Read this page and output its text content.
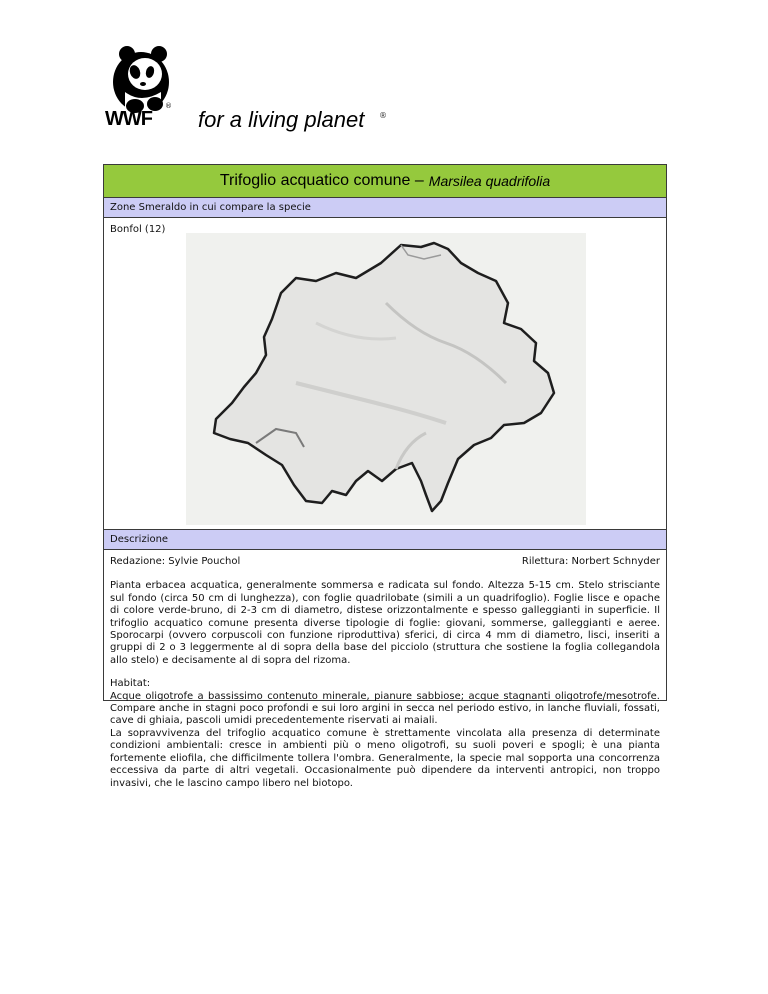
WWF
®
for a living planet ®
Trifoglio acquatico comune – Marsilea quadrifolia
Zone Smeraldo in cui compare la specie
Bonfol (12)
Descrizione
Redazione: Sylvie Pouchol	Rilettura: Norbert Schnyder

Pianta erbacea acquatica, generalmente sommersa e radicata sul fondo. Altezza 5-15 cm. Stelo strisciante sul fondo (circa 50 cm di lunghezza), con foglie quadrilobate (simili a un quadrifoglio). Foglie lisce e opache di colore verde-bruno, di 2-3 cm di diametro, distese orizzontalmente e spesso galleggianti in superficie. Il trifoglio acquatico comune presenta diverse tipologie di foglie: giovani, sommerse, galleggianti e aeree. Sporocarpi (ovvero corpuscoli con funzione riproduttiva) sferici, di circa 4 mm di diametro, lisci, inseriti a gruppi di 2 o 3 leggermente al di sopra della base del picciolo (struttura che sostiene la foglia collegandola allo stelo) e decisamente al di sopra del rizoma.

Habitat:

Acque oligotrofe a bassissimo contenuto minerale, pianure sabbiose; acque stagnanti oligotrofe/mesotrofe. Compare anche in stagni poco profondi e sui loro argini in secca nel periodo estivo, in lanche fluviali, fossati, cave di ghiaia, pascoli umidi precedentemente riservati ai maiali.

La sopravvivenza del trifoglio acquatico comune è strettamente vincolata alla presenza di determinate condizioni ambientali: cresce in ambienti più o meno oligotrofi, su suoli poveri e spogli; è una pianta fortemente eliofila, che difficilmente tollera l'ombra. Generalmente, la specie mal sopporta una concorrenza eccessiva da parte di altri vegetali. Occasionalmente può dipendere da interventi antropici, non troppo invasivi, che le lascino campo libero nel biotopo.
